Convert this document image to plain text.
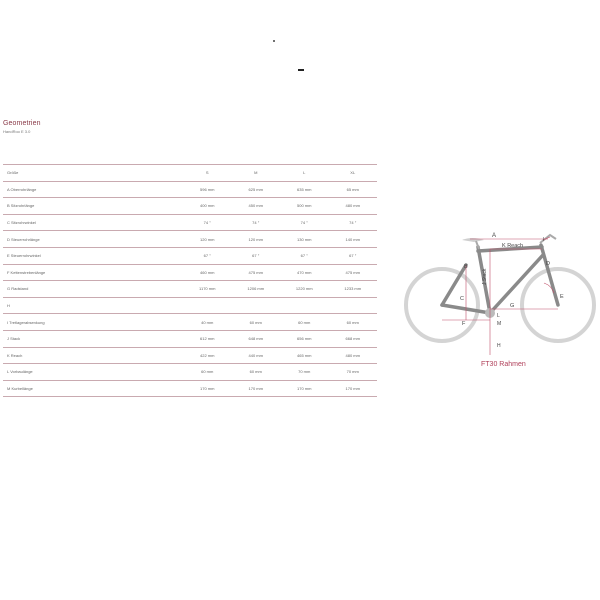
Geometrien
HandRoo E 3.0
Größe	S	M	L	XL
A Oberrohrlänge	596 mm	625 mm	635 mm	65 mm
B Sitzrohrlänge	400 mm	450 mm	500 mm	480 mm
C Sitzrohrwinkel	74 °	74 °	74 °	74 °
D Steuerrohrlänge	120 mm	120 mm	130 mm	140 mm
E Steuerrohrwinkel	67 °	67 °	67 °	67 °
F Kettenstrebenlänge	460 mm	475 mm	470 mm	475 mm
G Radstand	1170 mm	1206 mm	1220 mm	1233 mm
H				
I Tretlagerabsenkung	40 mm	60 mm	60 mm	60 mm
J Stack	612 mm	648 mm	656 mm	668 mm
K Reach	422 mm	440 mm	465 mm	480 mm
L Vorbaulänge	60 mm	60 mm	70 mm	70 mm
M Kurbellänge	170 mm	170 mm	170 mm	170 mm
A
K Reach
B
C
J Stack
D
E
F
G
L
M
H
I
FT30 Rahmen
